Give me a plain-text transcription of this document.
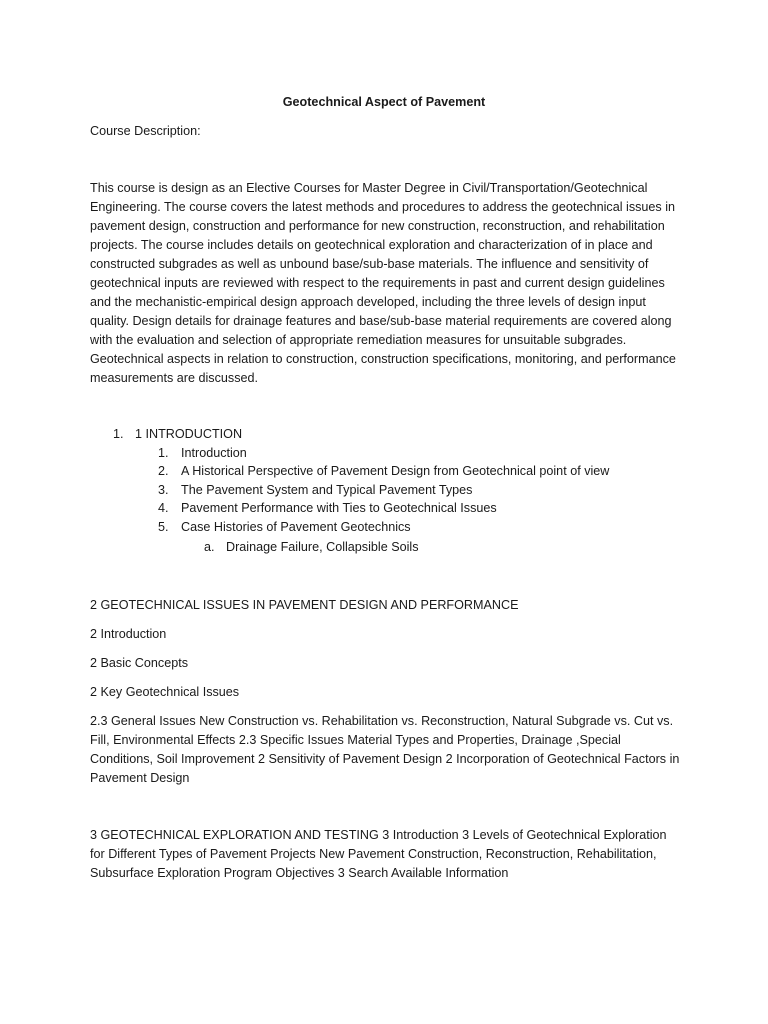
Geotechnical Aspect of Pavement

Course Description:

This course is design as an Elective Courses for Master Degree in Civil/Transportation/Geotechnical Engineering. The course covers the latest methods and procedures to address the geotechnical issues in pavement design, construction and performance for new construction, reconstruction, and rehabilitation projects. The course includes details on geotechnical exploration and characterization of in place and constructed subgrades as well as unbound base/sub-base materials. The influence and sensitivity of geotechnical inputs are reviewed with respect to the requirements in past and current design guidelines and the mechanistic-empirical design approach developed, including the three levels of design input quality. Design details for drainage features and base/sub-base material requirements are covered along with the evaluation and selection of appropriate remediation measures for unsuitable subgrades. Geotechnical aspects in relation to construction, construction specifications, monitoring, and performance measurements are discussed.

1. 1 INTRODUCTION
1. Introduction
2. A Historical Perspective of Pavement Design from Geotechnical point of view
3. The Pavement System and Typical Pavement Types
4. Pavement Performance with Ties to Geotechnical Issues
5. Case Histories of Pavement Geotechnics
a. Drainage Failure, Collapsible Soils

2 GEOTECHNICAL ISSUES IN PAVEMENT DESIGN AND PERFORMANCE

2 Introduction

2 Basic Concepts

2 Key Geotechnical Issues

2.3 General Issues New Construction vs. Rehabilitation vs. Reconstruction, Natural Subgrade vs. Cut vs. Fill, Environmental Effects 2.3 Specific Issues Material Types and Properties, Drainage ,Special Conditions, Soil Improvement 2 Sensitivity of Pavement Design 2 Incorporation of Geotechnical Factors in Pavement Design

3 GEOTECHNICAL EXPLORATION AND TESTING 3 Introduction 3 Levels of Geotechnical Exploration for Different Types of Pavement Projects New Pavement Construction, Reconstruction, Rehabilitation, Subsurface Exploration Program Objectives 3 Search Available Information
